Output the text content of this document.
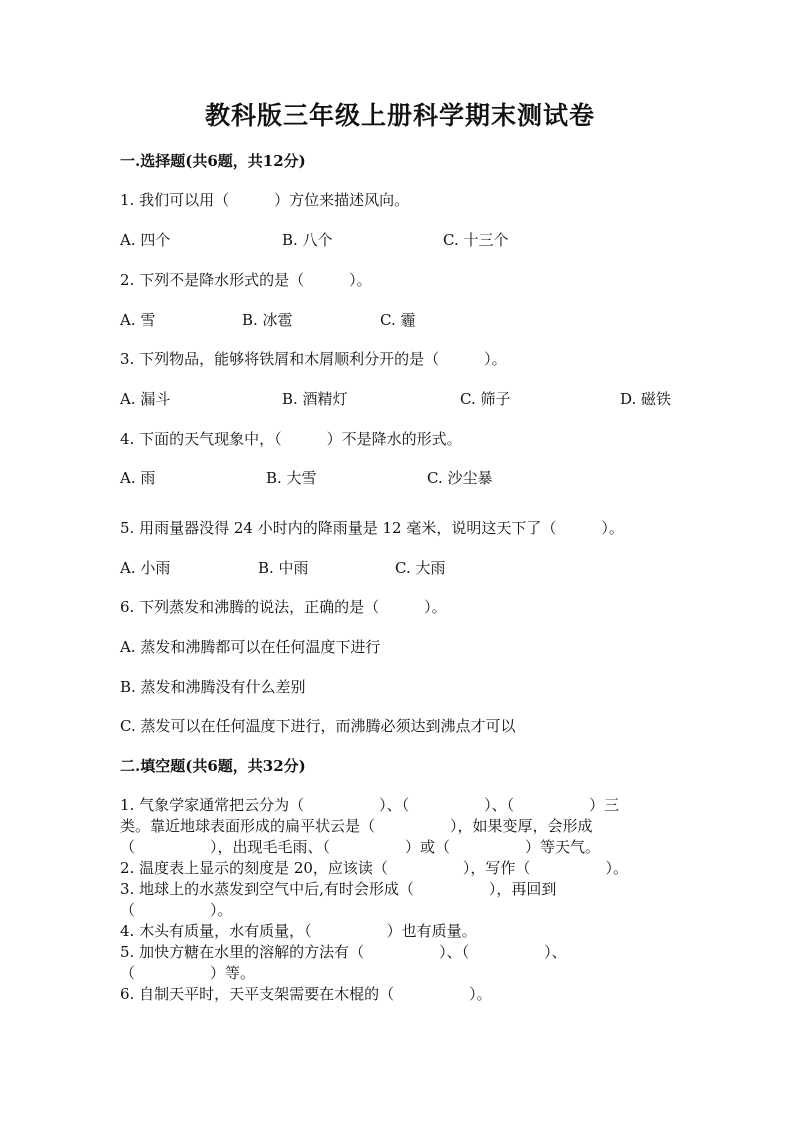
教科版三年级上册科学期末测试卷
一.选择题(共6题，共12分)
1. 我们可以用（　　　）方位来描述风向。
A. 四个	B. 八个	C. 十三个
2. 下列不是降水形式的是（　　　）。
A. 雪	B. 冰雹	C. 霾
3. 下列物品，能够将铁屑和木屑顺利分开的是（　　　）。
A. 漏斗	B. 酒精灯	C. 筛子	D. 磁铁
4. 下面的天气现象中，（　　　）不是降水的形式。
A. 雨	B. 大雪	C. 沙尘暴
5. 用雨量器没得 24 小时内的降雨量是 12 毫米，说明这天下了（　　　）。
A. 小雨	B. 中雨	C. 大雨
6. 下列蒸发和沸腾的说法，正确的是（　　　）。
A. 蒸发和沸腾都可以在任何温度下进行
B. 蒸发和沸腾没有什么差别
C. 蒸发可以在任何温度下进行，而沸腾必须达到沸点才可以
二.填空题(共6题，共32分)
1. 气象学家通常把云分为（　　　　　）、（　　　　　）、（　　　　　）三
类。靠近地球表面形成的扁平状云是（　　　　　），如果变厚，会形成
（　　　　　），出现毛毛雨、（　　　　　）或（　　　　　）等天气。
2. 温度表上显示的刻度是 20，应该读（　　　　　），写作（　　　　　）。
3. 地球上的水蒸发到空气中后,有时会形成（　　　　　），再回到
（　　　　　）。
4. 木头有质量，水有质量，（　　　　　）也有质量。
5. 加快方糖在水里的溶解的方法有（　　　　　）、（　　　　　）、
（　　　　　）等。
6. 自制天平时，天平支架需要在木棍的（　　　　　）。
